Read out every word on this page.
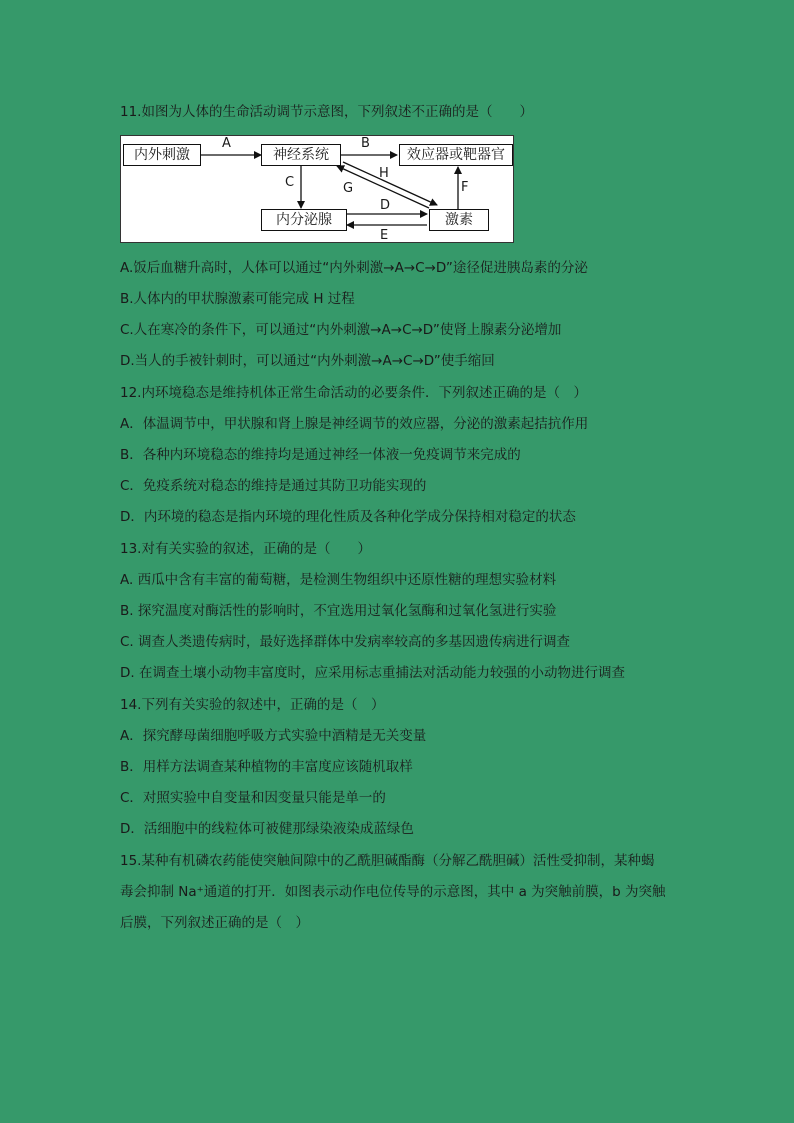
11.如图为人体的生命活动调节示意图，下列叙述不正确的是（　　）
内外刺激	神经系统	效应器或靶器官
内分泌腺	激素
A	B
C	G
H
D
E
F
A.饭后血糖升高时，人体可以通过“内外刺激→A→C→D”途径促进胰岛素的分泌
B.人体内的甲状腺激素可能完成 H 过程
C.人在寒冷的条件下，可以通过“内外刺激→A→C→D”使肾上腺素分泌增加
D.当人的手被针刺时，可以通过“内外刺激→A→C→D”使手缩回
12.内环境稳态是维持机体正常生命活动的必要条件．下列叙述正确的是（　）
A．体温调节中，甲状腺和肾上腺是神经调节的效应器，分泌的激素起拮抗作用
B．各种内环境稳态的维持均是通过神经一体液一免疫调节来完成的
C．免疫系统对稳态的维持是通过其防卫功能实现的
D．内环境的稳态是指内环境的理化性质及各种化学成分保持相对稳定的状态
13.对有关实验的叙述，正确的是（　　）
A. 西瓜中含有丰富的葡萄糖，是检测生物组织中还原性糖的理想实验材料
B. 探究温度对酶活性的影响时，不宜选用过氧化氢酶和过氧化氢进行实验
C. 调查人类遗传病时，最好选择群体中发病率较高的多基因遗传病进行调查
D. 在调查土壤小动物丰富度时，应采用标志重捕法对活动能力较强的小动物进行调查
14.下列有关实验的叙述中，正确的是（　）
A．探究酵母菌细胞呼吸方式实验中酒精是无关变量
B．用样方法调查某种植物的丰富度应该随机取样
C．对照实验中自变量和因变量只能是单一的
D．活细胞中的线粒体可被健那绿染液染成蓝绿色
15.某种有机磷农药能使突触间隙中的乙酰胆碱酯酶（分解乙酰胆碱）活性受抑制，某种蝎
毒会抑制 Na⁺通道的打开．如图表示动作电位传导的示意图，其中 a 为突触前膜，b 为突触
后膜，下列叙述正确的是（　）
